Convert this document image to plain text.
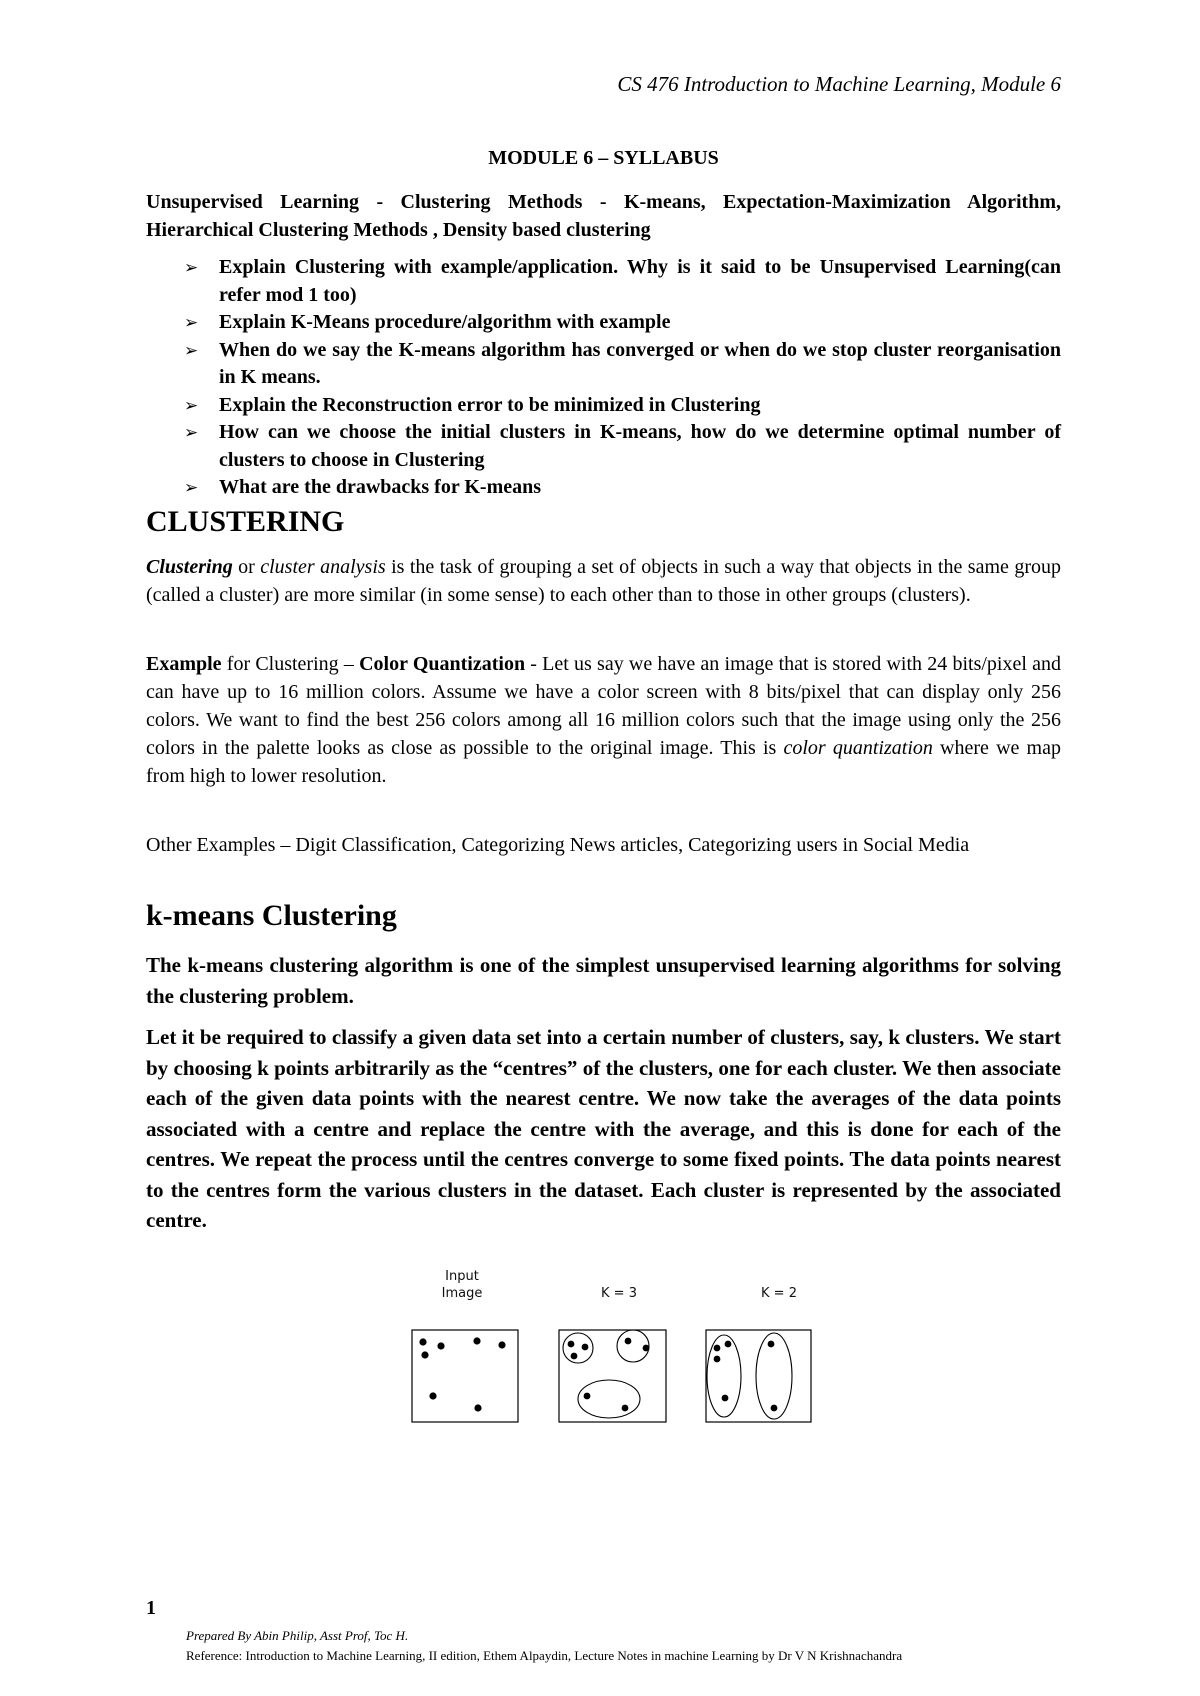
CS 476 Introduction to Machine Learning, Module 6
MODULE 6 – SYLLABUS

Unsupervised Learning - Clustering Methods - K-means, Expectation-Maximization Algorithm, Hierarchical Clustering Methods , Density based clustering

➢ Explain Clustering with example/application. Why is it said to be Unsupervised Learning(can refer mod 1 too)
➢ Explain K-Means procedure/algorithm with example
➢ When do we say the K-means algorithm has converged or when do we stop cluster reorganisation in K means.
➢ Explain the Reconstruction error to be minimized in Clustering
➢ How can we choose the initial clusters in K-means, how do we determine optimal number of clusters to choose in Clustering
➢ What are the drawbacks for K-means
CLUSTERING

Clustering or cluster analysis is the task of grouping a set of objects in such a way that objects in the same group (called a cluster) are more similar (in some sense) to each other than to those in other groups (clusters).

Example for Clustering – Color Quantization - Let us say we have an image that is stored with 24 bits/pixel and can have up to 16 million colors. Assume we have a color screen with 8 bits/pixel that can display only 256 colors. We want to find the best 256 colors among all 16 million colors such that the image using only the 256 colors in the palette looks as close as possible to the original image. This is color quantization where we map from high to lower resolution.

Other Examples – Digit Classification, Categorizing News articles, Categorizing users in Social Media

k-means Clustering

The k-means clustering algorithm is one of the simplest unsupervised learning algorithms for solving the clustering problem.

Let it be required to classify a given data set into a certain number of clusters, say, k clusters. We start by choosing k points arbitrarily as the “centres” of the clusters, one for each cluster. We then associate each of the given data points with the nearest centre. We now take the averages of the data points associated with a centre and replace the centre with the average, and this is done for each of the centres. We repeat the process until the centres converge to some fixed points. The data points nearest to the centres form the various clusters in the dataset. Each cluster is represented by the associated centre.

Input
Image	K = 3	K = 2
1
Prepared By Abin Philip, Asst Prof, Toc H.

Reference: Introduction to Machine Learning, II edition, Ethem Alpaydin, Lecture Notes in machine Learning by Dr V N Krishnachandra
